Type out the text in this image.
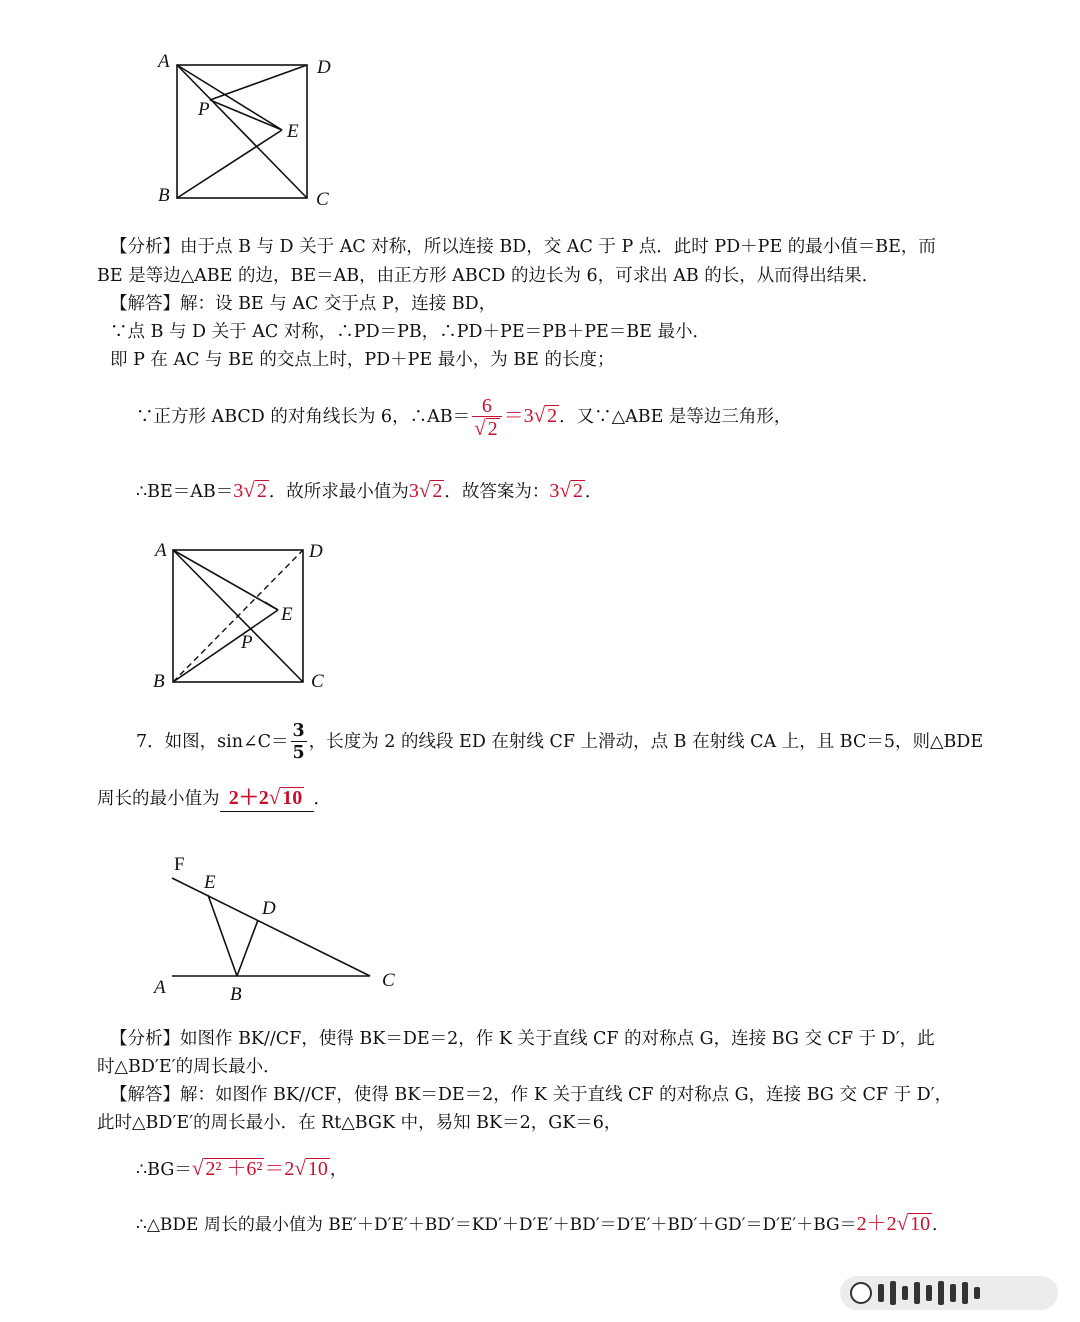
A	D
P
E
B	C
【分析】由于点 B 与 D 关于 AC 对称，所以连接 BD，交 AC 于 P 点．此时 PD＋PE 的最小值＝BE，而
BE 是等边△ABE 的边，BE＝AB，由正方形 ABCD 的边长为 6，可求出 AB 的长，从而得出结果．
【解答】解：设 BE 与 AC 交于点 P，连接 BD，
∵点 B 与 D 关于 AC 对称，∴PD＝PB，∴PD＋PE＝PB＋PE＝BE 最小．
即 P 在 AC 与 BE 的交点上时，PD＋PE 最小，为 BE 的长度；
∵正方形 ABCD 的对角线长为 6，∴AB＝ $\frac{6}{√ 2} =3√$ 2 ．又∵△ABE 是等边三角形，
∴BE＝AB＝3√ 2 ．故所求最小值为3√ 2 ．故答案为：3√ 2 ．
A	D
E
P
B	C
7．如图，sin∠C＝ $\frac{3}{5}$ ，长度为 2 的线段 ED 在射线 CF 上滑动，点 B 在射线 CA 上，且 BC＝5，则△BDE
周长的最小值为 2＋2√ 10 ．
F
E
D
A	B
C
【分析】如图作 BK//CF，使得 BK＝DE＝2，作 K 关于直线 CF 的对称点 G，连接 BG 交 CF 于 D′，此
时△BD′E′的周长最小．
【解答】解：如图作 BK//CF，使得 BK＝DE＝2，作 K 关于直线 CF 的对称点 G，连接 BG 交 CF 于 D′，
此时△BD′E′的周长最小．在 Rt△BGK 中，易知 BK＝2，GK＝6，
∴BG＝√ 2² ＋6² ＝2√ 10 ，
∴△BDE 周长的最小值为 BE′＋D′E′＋BD′＝KD′＋D′E′＋BD′＝D′E′＋BD′＋GD′＝D′E′＋BG＝2＋2√ 10 ．
